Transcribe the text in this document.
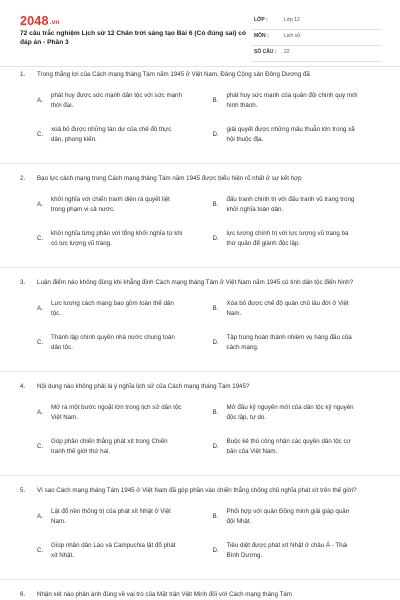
2048.vn
72 câu trắc nghiệm Lịch sử 12 Chân trời sáng tạo Bài 6 (Có đúng sai) có đáp án - Phần 3
LỚP :	Lớp 12
MÔN :	Lịch sử
SỐ CÂU : 22
1. Trong thắng lợi của Cách mạng tháng Tám năm 1945 ở Việt Nam, Đảng Cộng sản Đông Dương đã
A.
phát huy được sức mạnh dân tộc với sức mạnh thời đại.
B.
phát huy sức mạnh của quân đội chính quy mới hình thành.
C.
xoá bỏ được những tàn dư của chế độ thực dân, phong kiến.
D.
giải quyết được những mâu thuẫn lớn trong xã hội thuộc địa.
2. Bạo lực cách mạng trong Cách mạng tháng Tám năm 1945 được biểu hiện rõ nhất ở sự kết hợp
A.
khởi nghĩa với chiến tranh diện rà quyết liệt trong phạm vi cả nước.
B.
đấu tranh chính trị với đấu tranh vũ trang trong khởi nghĩa toàn dân.
C.
khởi nghĩa từng phần với tổng khởi nghĩa từ khi có lực lượng vũ trang.
D.
lực lượng chính trị với lực lượng vũ trang ba thứ quân để giành độc lập.
3. Luận điểm nào không đúng khi khẳng định Cách mạng tháng Tám ở Việt Nam năm 1945 có tính dân tộc điển hình?
A.
Lực lượng cách mạng bao gồm toàn thể dân tộc.
B.
Xóa bỏ được chế độ quân chủ lâu đời ở Việt Nam.
C.
Thành lập chính quyền nhà nước chung toàn dân tộc.
D.
Tập trung hoàn thành nhiệm vụ hàng đầu của cách mạng.
4. Nội dung nào không phải là ý nghĩa lịch sử của Cách mạng tháng Tám 1945?
A.
Mở ra một bước ngoặt lớn trong lịch sử dân tộc Việt Nam.
B.
Mở đầu kỷ nguyên mới của dân tộc kỷ nguyên độc lập, tự do.
C.
Góp phần chiến thắng phát xít trong Chiến tranh thế giới thứ hai.
D.
Buộc kẻ thù công nhận các quyền dân tộc cơ bản của Việt Nam.
5. Vì sao Cách mạng tháng Tám 1945 ở Việt Nam đã góp phần vào chiến thắng chống chủ nghĩa phát xít trên thế giới?
A.
Lật đổ nền thống trị của phát xít Nhật ở Việt Nam.
B.
Phối hợp với quân Đồng minh giải giáp quân đội Nhật.
C.
Giúp nhân dân Lào và Campuchia lật đổ phát xít Nhật.
D.
Tiêu diệt được phát xít Nhật ở châu Á - Thái Bình Dương.
6. Nhận xét nào phản ánh đúng về vai trò của Mặt trận Việt Minh đối với Cách mạng tháng Tám
